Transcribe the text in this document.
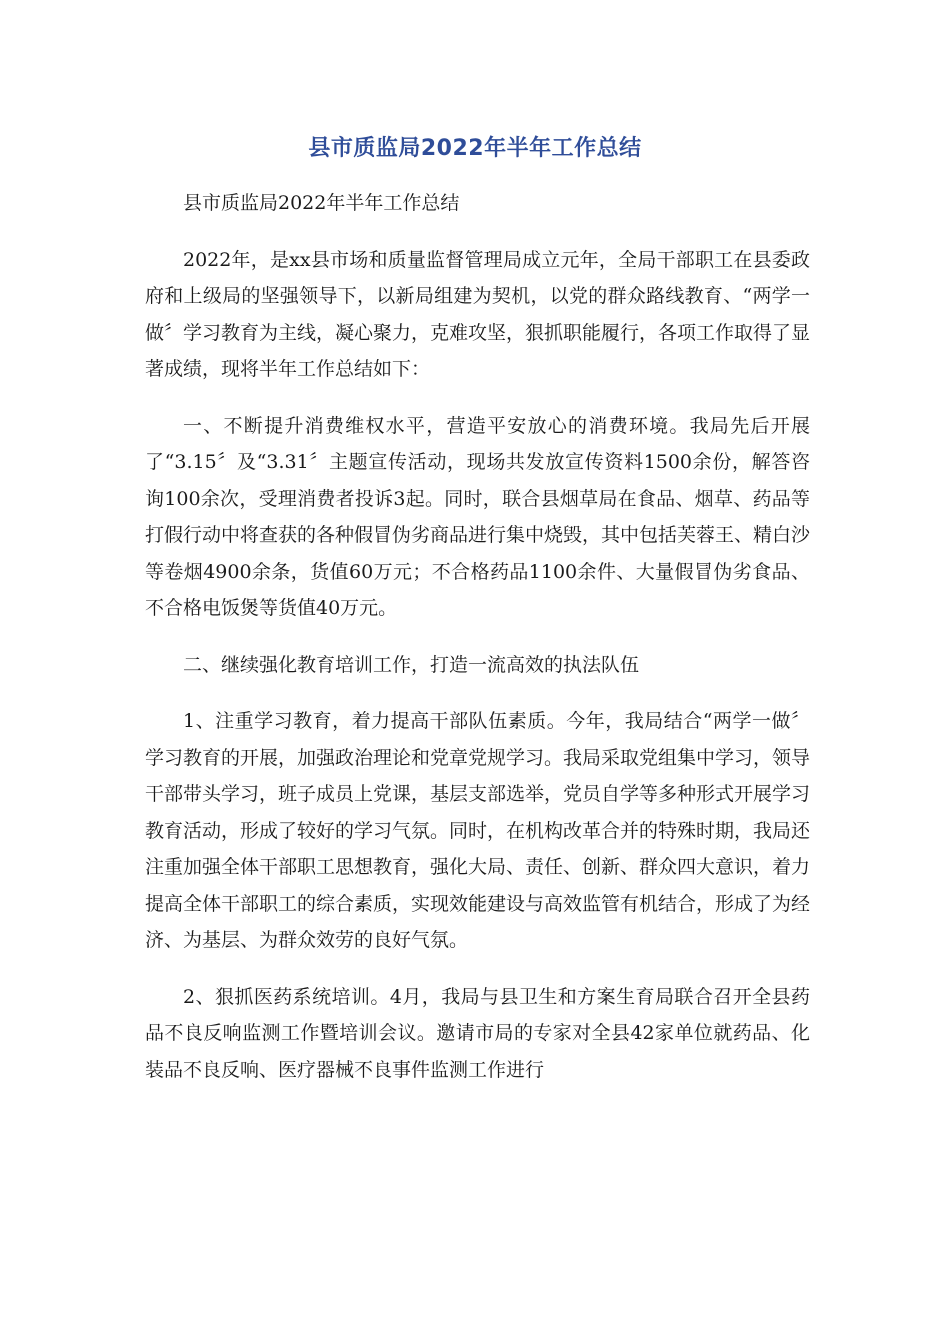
县市质监局2022年半年工作总结

县市质监局2022年半年工作总结

2022年，是xx县市场和质量监督管理局成立元年，全局干部职工在县委政府和上级局的坚强领导下，以新局组建为契机，以党的群众路线教育、“两学一做〞学习教育为主线，凝心聚力，克难攻坚，狠抓职能履行，各项工作取得了显著成绩，现将半年工作总结如下：

一、不断提升消费维权水平，营造平安放心的消费环境。我局先后开展了“3.15〞及“3.31〞主题宣传活动，现场共发放宣传资料1500余份，解答咨询100余次，受理消费者投诉3起。同时，联合县烟草局在食品、烟草、药品等打假行动中将查获的各种假冒伪劣商品进行集中烧毁，其中包括芙蓉王、精白沙等卷烟4900余条，货值60万元；不合格药品1100余件、大量假冒伪劣食品、不合格电饭煲等货值40万元。

二、继续强化教育培训工作，打造一流高效的执法队伍

1、注重学习教育，着力提高干部队伍素质。今年，我局结合“两学一做〞学习教育的开展，加强政治理论和党章党规学习。我局采取党组集中学习，领导干部带头学习，班子成员上党课，基层支部选举，党员自学等多种形式开展学习教育活动，形成了较好的学习气氛。同时，在机构改革合并的特殊时期，我局还注重加强全体干部职工思想教育，强化大局、责任、创新、群众四大意识，着力提高全体干部职工的综合素质，实现效能建设与高效监管有机结合，形成了为经济、为基层、为群众效劳的良好气氛。

2、狠抓医药系统培训。4月，我局与县卫生和方案生育局联合召开全县药品不良反响监测工作暨培训会议。邀请市局的专家对全县42家单位就药品、化装品不良反响、医疗器械不良事件监测工作进行
